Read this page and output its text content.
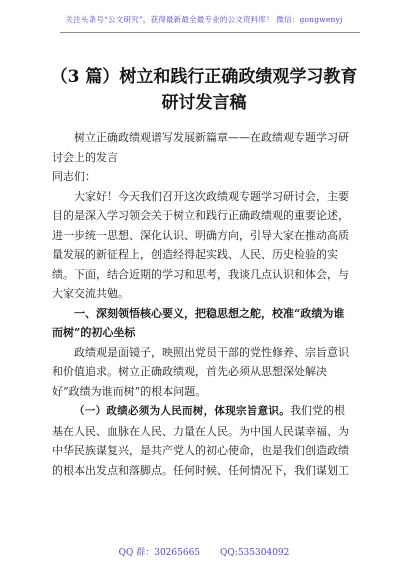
关注头条号“公文研究”，获得最新最全最专业的公文资料库！ 微信：gongwenyj
（3 篇）树立和践行正确政绩观学习教育
研讨发言稿

树立正确政绩观谱写发展新篇章——在政绩观专题学习研讨会上的发言

同志们：

大家好！今天我们召开这次政绩观专题学习研讨会，主要目的是深入学习领会关于树立和践行正确政绩观的重要论述，进一步统一思想、深化认识、明确方向，引导大家在推动高质量发展的新征程上，创造经得起实践、人民、历史检验的实绩。下面，结合近期的学习和思考，我谈几点认识和体会，与大家交流共勉。

一、深刻领悟核心要义，把稳思想之舵，校准“政绩为谁而树”的初心坐标

政绩观是面镜子，映照出党员干部的党性修养、宗旨意识和价值追求。树立正确政绩观，首先必须从思想深处解决好“政绩为谁而树”的根本问题。

（一）政绩必须为人民而树，体现宗旨意识。我们党的根基在人民、血脉在人民、力量在人民。为中国人民谋幸福、为中华民族谋复兴，是共产党人的初心使命，也是我们创造政绩的根本出发点和落脚点。任何时候、任何情况下，我们谋划工

QQ 群：30265665 QQ:535304092
